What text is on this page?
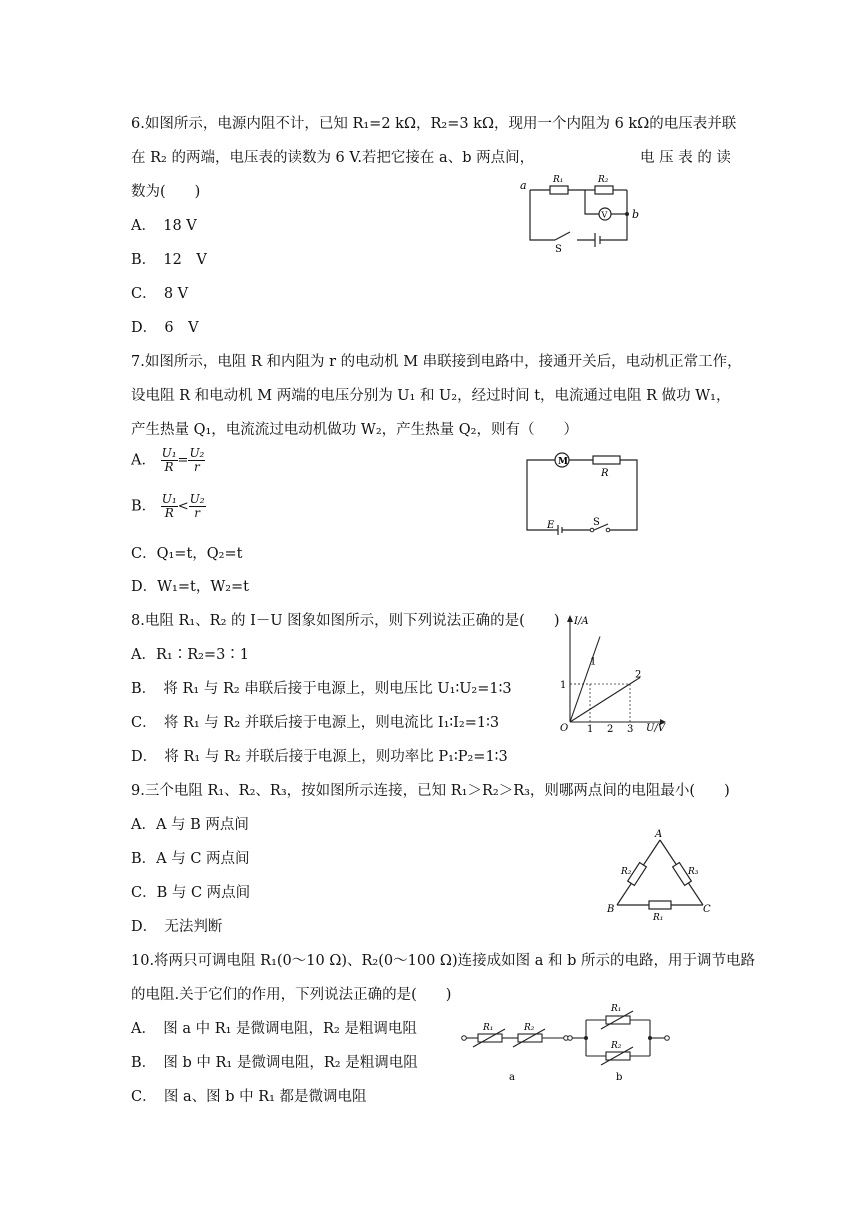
6.如图所示，电源内阻不计，已知 R₁=2 kΩ，R₂=3 kΩ，现用一个内阻为 6 kΩ的电压表并联
在 R₂ 的两端，电压表的读数为 6 V.若把它接在 a、b 两点间，	电 压 表 的 读
数为(　　)
A．　18 V
B．　12　V
C．　8 V
D．　6　V
a
b
R₁	R₂
V
S
7.如图所示，电阻 R 和内阻为 r 的电动机 M 串联接到电路中，接通开关后，电动机正常工作，
设电阻 R 和电动机 M 两端的电压分别为 U₁ 和 U₂，经过时间 t，电流通过电阻 R 做功 W₁，
产生热量 Q₁，电流流过电动机做功 W₂，产生热量 Q₂，则有（　　）
A． $\frac{\text{U₁}}{R} = \frac{\text{U₂}}{r}$
B． $\frac{\text{U₁}}{R} < \frac{\text{U₂}}{r}$
C．Q₁=t，Q₂=t
D．W₁=t，W₂=t
M
R
E	S
8.电阻 R₁、R₂ 的 I－U 图象如图所示，则下列说法正确的是(　　)
A．R₁∶R₂=3∶1
B．　将 R₁ 与 R₂ 串联后接于电源上，则电压比 U₁∶U₂=1∶3
C．　将 R₁ 与 R₂ 并联后接于电源上，则电流比 I₁∶I₂=1∶3
D．　将 R₁ 与 R₂ 并联后接于电源上，则功率比 P₁∶P₂=1∶3
I/A
U/V
O
1
2
1 2 3
1
9.三个电阻 R₁、R₂、R₃，按如图所示连接，已知 R₁＞R₂＞R₃，则哪两点间的电阻最小(　　)
A．A 与 B 两点间
B．A 与 C 两点间
C．B 与 C 两点间
D．　无法判断
A
B	C
R₁
R₂	R₃
10.将两只可调电阻 R₁(0～10 Ω)、R₂(0～100 Ω)连接成如图 a 和 b 所示的电路，用于调节电路
的电阻.关于它们的作用，下列说法正确的是(　　)
A．　图 a 中 R₁ 是微调电阻，R₂ 是粗调电阻
B．　图 b 中 R₁ 是微调电阻，R₂ 是粗调电阻
C．　图 a、图 b 中 R₁ 都是微调电阻
R₁	R₂
R₁
R₂
a	b
